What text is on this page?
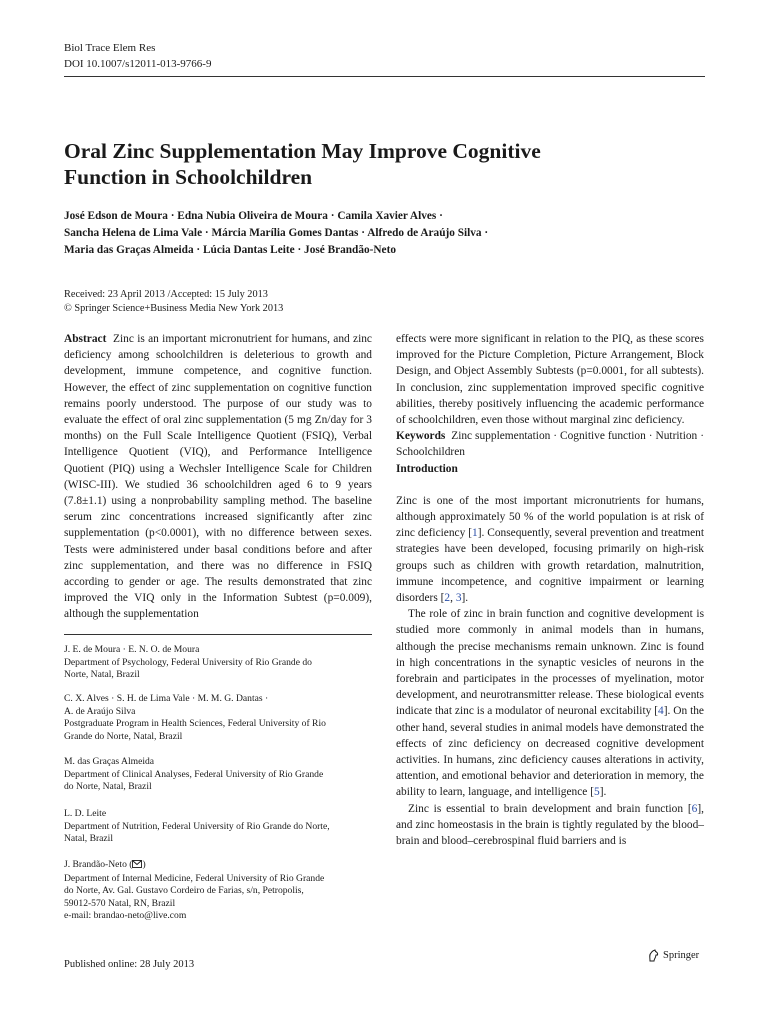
Biol Trace Elem Res
DOI 10.1007/s12011-013-9766-9
Oral Zinc Supplementation May Improve Cognitive
Function in Schoolchildren
José Edson de Moura · Edna Nubia Oliveira de Moura · Camila Xavier Alves ·
Sancha Helena de Lima Vale · Márcia Marília Gomes Dantas · Alfredo de Araújo Silva ·
Maria das Graças Almeida · Lúcia Dantas Leite · José Brandão-Neto
Received: 23 April 2013 /Accepted: 15 July 2013
© Springer Science+Business Media New York 2013

Abstract Zinc is an important micronutrient for humans, and zinc deficiency among schoolchildren is deleterious to growth and development, immune competence, and cognitive function. However, the effect of zinc supplementation on cognitive function remains poorly understood. The purpose of our study was to evaluate the effect of oral zinc supplementation (5 mg Zn/day for 3 months) on the Full Scale Intelligence Quotient (FSIQ), Verbal Intelligence Quotient (VIQ), and Performance Intelligence Quotient (PIQ) using a Wechsler Intelligence Scale for Children (WISC-III). We studied 36 schoolchildren aged 6 to 9 years (7.8±1.1) using a nonprobability sampling method. The baseline serum zinc concentrations increased significantly after zinc supplementation (p<0.0001), with no difference between sexes. Tests were administered under basal conditions before and after zinc supplementation, and there was no difference in FSIQ according to gender or age. The results demonstrated that zinc improved the VIQ only in the Information Subtest (p=0.009), although the supplementation

J. E. de Moura · E. N. O. de Moura
Department of Psychology, Federal University of Rio Grande do
Norte, Natal, Brazil
C. X. Alves · S. H. de Lima Vale · M. M. G. Dantas ·
A. de Araújo Silva
Postgraduate Program in Health Sciences, Federal University of Rio
Grande do Norte, Natal, Brazil
M. das Graças Almeida
Department of Clinical Analyses, Federal University of Rio Grande
do Norte, Natal, Brazil
L. D. Leite
Department of Nutrition, Federal University of Rio Grande do Norte,
Natal, Brazil
J. Brandão-Neto ( )
Department of Internal Medicine, Federal University of Rio Grande
do Norte, Av. Gal. Gustavo Cordeiro de Farias, s/n, Petropolis,
59012-570 Natal, RN, Brazil
e-mail: brandao-neto@live.com

effects were more significant in relation to the PIQ, as these scores improved for the Picture Completion, Picture Arrangement, Block Design, and Object Assembly Subtests (p=0.0001, for all subtests). In conclusion, zinc supplementation improved specific cognitive abilities, thereby positively influencing the academic performance of schoolchildren, even those without marginal zinc deficiency.

Keywords Zinc supplementation · Cognitive function · Nutrition · Schoolchildren

Introduction

Zinc is one of the most important micronutrients for humans, although approximately 50 % of the world population is at risk of zinc deficiency [1]. Consequently, several prevention and treatment strategies have been developed, focusing primarily on high-risk groups such as children with growth retardation, malnutrition, immune incompetence, and cognitive impairment or learning disorders [2, 3].

The role of zinc in brain function and cognitive development is studied more commonly in animal models than in humans, although the precise mechanisms remain unknown. Zinc is found in high concentrations in the synaptic vesicles of neurons in the forebrain and participates in the processes of myelination, motor development, and neurotransmitter release. These biological events indicate that zinc is a modulator of neuronal excitability [4]. On the other hand, several studies in animal models have demonstrated the effects of zinc deficiency on decreased cognitive development activities. In humans, zinc deficiency causes alterations in activity, attention, and emotional behavior and deterioration in memory, the ability to learn, language, and intelligence [5].

Zinc is essential to brain development and brain function [6], and zinc homeostasis in the brain is tightly regulated by the blood–brain and blood–cerebrospinal fluid barriers and is

Published online: 28 July 2013
Springer
